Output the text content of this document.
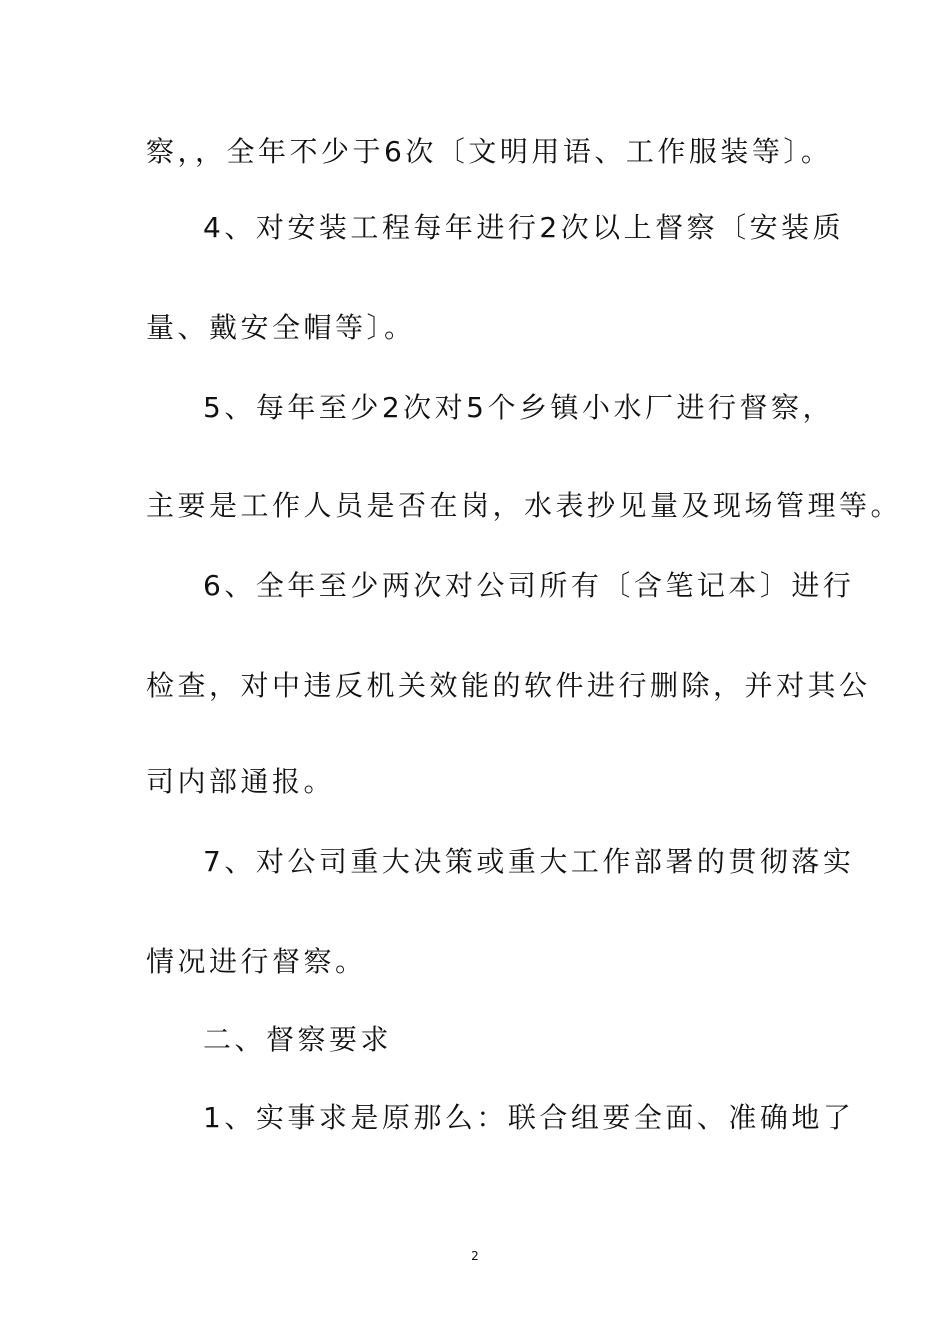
察，，全年不少于6次〔文明用语、工作服装等〕。
4、对安装工程每年进行2次以上督察〔安装质
量、戴安全帽等〕。
5、每年至少2次对5个乡镇小水厂进行督察，
主要是工作人员是否在岗，水表抄见量及现场管理等。
6、全年至少两次对公司所有〔含笔记本〕进行
检查，对中违反机关效能的软件进行删除，并对其公
司内部通报。
7、对公司重大决策或重大工作部署的贯彻落实
情况进行督察。
二、督察要求
1、实事求是原那么：联合组要全面、准确地了
2
